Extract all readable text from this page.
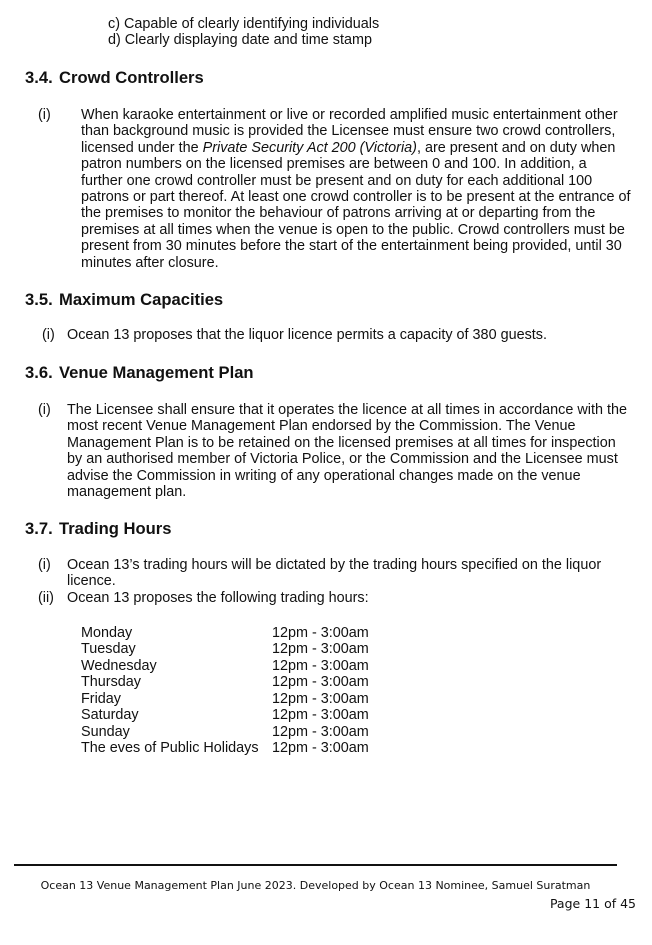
c) Capable of clearly identifying individuals
d) Clearly displaying date and time stamp
3.4. Crowd Controllers
(i) When karaoke entertainment or live or recorded amplified music entertainment other than background music is provided the Licensee must ensure two crowd controllers, licensed under the Private Security Act 200 (Victoria), are present and on duty when patron numbers on the licensed premises are between 0 and 100. In addition, a further one crowd controller must be present and on duty for each additional 100 patrons or part thereof. At least one crowd controller is to be present at the entrance of the premises to monitor the behaviour of patrons arriving at or departing from the premises at all times when the venue is open to the public. Crowd controllers must be present from 30 minutes before the start of the entertainment being provided, until 30 minutes after closure.
3.5. Maximum Capacities
(i) Ocean 13 proposes that the liquor licence permits a capacity of 380 guests.
3.6. Venue Management Plan
(i) The Licensee shall ensure that it operates the licence at all times in accordance with the most recent Venue Management Plan endorsed by the Commission. The Venue Management Plan is to be retained on the licensed premises at all times for inspection by an authorised member of Victoria Police, or the Commission and the Licensee must advise the Commission in writing of any operational changes made on the venue management plan.
3.7. Trading Hours
(i) Ocean 13’s trading hours will be dictated by the trading hours specified on the liquor licence.
(ii) Ocean 13 proposes the following trading hours:
Monday	12pm - 3:00am
Tuesday	12pm - 3:00am
Wednesday	12pm - 3:00am
Thursday	12pm - 3:00am
Friday	12pm - 3:00am
Saturday	12pm - 3:00am
Sunday	12pm - 3:00am
The eves of Public Holidays 12pm - 3:00am
Ocean 13 Venue Management Plan June 2023. Developed by Ocean 13 Nominee, Samuel Suratman
Page 11 of 45
